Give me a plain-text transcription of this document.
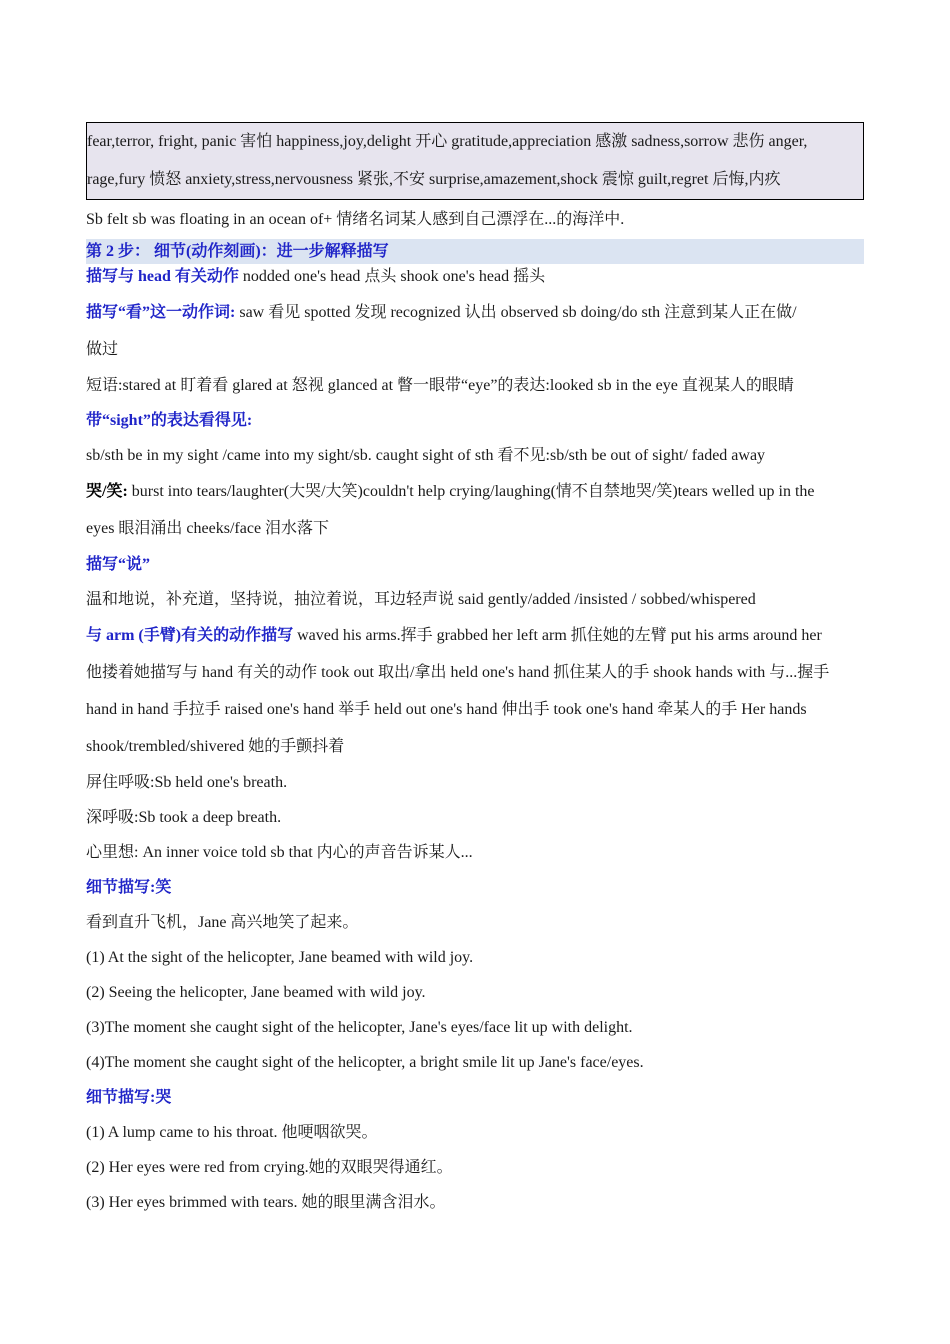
fear,terror, fright, panic 害怕 happiness,joy,delight 开心 gratitude,appreciation 感激 sadness,sorrow 悲伤 anger,

rage,fury 愤怒 anxiety,stress,nervousness 紧张,不安 surprise,amazement,shock 震惊 guilt,regret 后悔,内疚

Sb felt sb was floating in an ocean of+ 情绪名词某人感到自己漂浮在...的海洋中.

第 2 步： 细节(动作刻画)：进一步解释描写

描写与 head 有关动作 nodded one's head 点头 shook one's head 摇头

描写“看”这一动作词: saw 看见 spotted 发现 recognized 认出 observed sb doing/do sth 注意到某人正在做/

做过

短语:stared at 盯着看 glared at 怒视 glanced at 瞥一眼带“eye”的表达:looked sb in the eye 直视某人的眼睛

带“sight”的表达看得见:

sb/sth be in my sight /came into my sight/sb. caught sight of sth 看不见:sb/sth be out of sight/ faded away

哭/笑: burst into tears/laughter(大哭/大笑)couldn't help crying/laughing(情不自禁地哭/笑)tears welled up in the

eyes 眼泪涌出 cheeks/face 泪水落下

描写“说”

温和地说，补充道，坚持说，抽泣着说，耳边轻声说 said gently/added /insisted / sobbed/whispered

与 arm (手臂)有关的动作描写 waved his arms.挥手 grabbed her left arm 抓住她的左臂 put his arms around her

他搂着她描写与 hand 有关的动作 took out 取出/拿出 held one's hand 抓住某人的手 shook hands with 与...握手

hand in hand 手拉手 raised one's hand 举手 held out one's hand 伸出手 took one's hand 牵某人的手 Her hands

shook/trembled/shivered 她的手颤抖着

屏住呼吸:Sb held one's breath.

深呼吸:Sb took a deep breath.

心里想: An inner voice told sb that 内心的声音告诉某人...

细节描写:笑

看到直升飞机，Jane 高兴地笑了起来。

(1) At the sight of the helicopter, Jane beamed with wild joy.

(2) Seeing the helicopter, Jane beamed with wild joy.

(3)The moment she caught sight of the helicopter, Jane's eyes/face lit up with delight.

(4)The moment she caught sight of the helicopter, a bright smile lit up Jane's face/eyes.

细节描写:哭

(1) A lump came to his throat. 他哽咽欲哭。

(2) Her eyes were red from crying.她的双眼哭得通红。

(3) Her eyes brimmed with tears. 她的眼里满含泪水。
